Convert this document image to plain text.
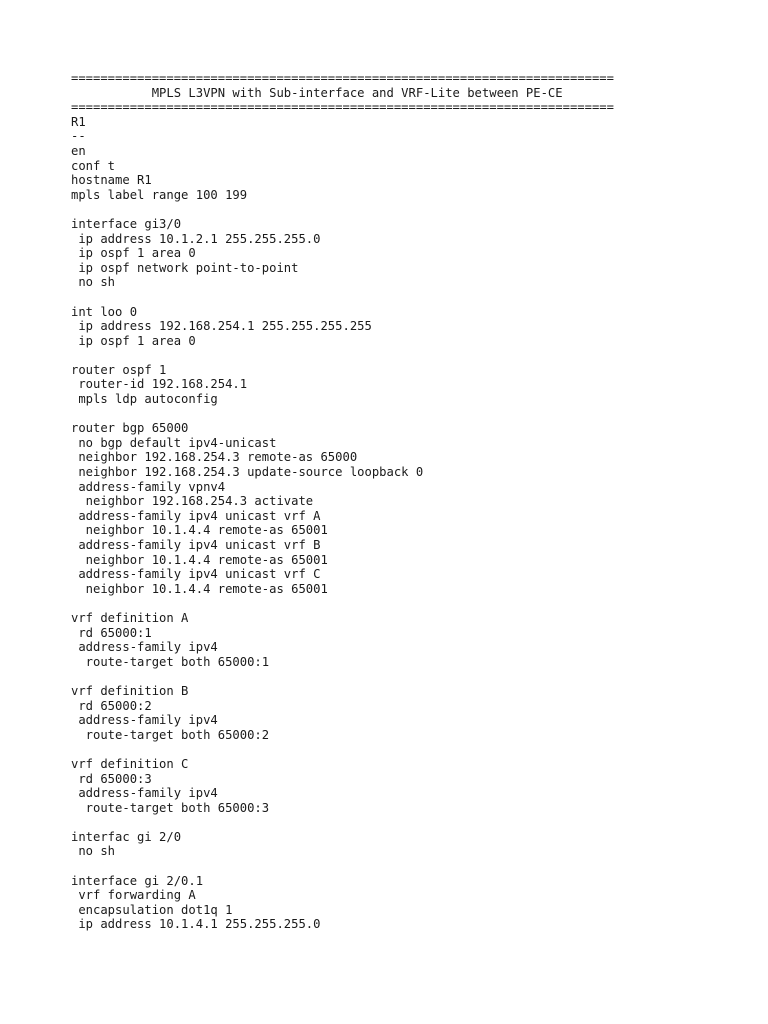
==========================================================================
MPLS L3VPN with Sub-interface and VRF-Lite between PE-CE
==========================================================================
R1
--
en
conf t
hostname R1
mpls label range 100 199
interface gi3/0
ip address 10.1.2.1 255.255.255.0
ip ospf 1 area 0
ip ospf network point-to-point
no sh
int loo 0
ip address 192.168.254.1 255.255.255.255
ip ospf 1 area 0
router ospf 1
router-id 192.168.254.1
mpls ldp autoconfig
router bgp 65000
no bgp default ipv4-unicast
neighbor 192.168.254.3 remote-as 65000
neighbor 192.168.254.3 update-source loopback 0
address-family vpnv4
neighbor 192.168.254.3 activate
address-family ipv4 unicast vrf A
neighbor 10.1.4.4 remote-as 65001
address-family ipv4 unicast vrf B
neighbor 10.1.4.4 remote-as 65001
address-family ipv4 unicast vrf C
neighbor 10.1.4.4 remote-as 65001
vrf definition A
rd 65000:1
address-family ipv4
route-target both 65000:1
vrf definition B
rd 65000:2
address-family ipv4
route-target both 65000:2
vrf definition C
rd 65000:3
address-family ipv4
route-target both 65000:3
interfac gi 2/0
no sh
interface gi 2/0.1
vrf forwarding A
encapsulation dot1q 1
ip address 10.1.4.1 255.255.255.0
